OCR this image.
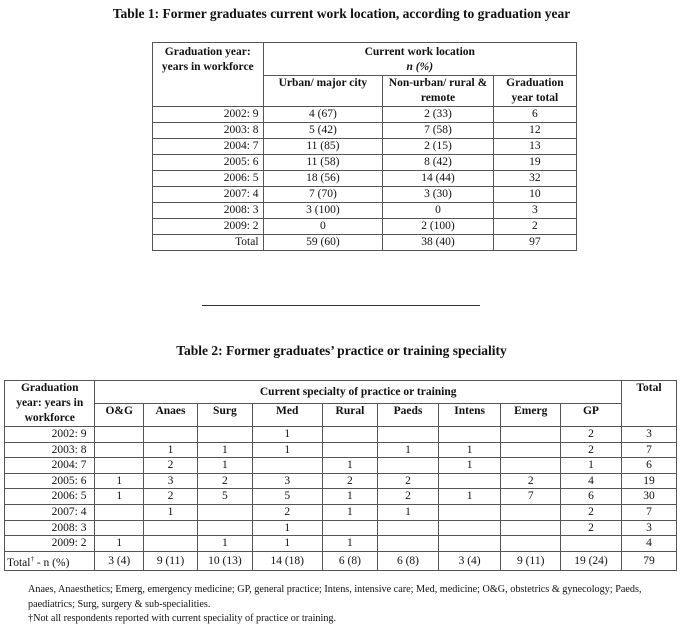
Table 1: Former graduates current work location, according to graduation year
Graduation year: years in workforce	Current work location
n (%)		

	Urban/ major city	Non-urban/ rural & remote	Graduation year total
2002: 9	4 (67)	2 (33)	6
2003: 8	5 (42)	7 (58)	12
2004: 7	11 (85)	2 (15)	13
2005: 6	11 (58)	8 (42)	19
2006: 5	18 (56)	14 (44)	32
2007: 4	7 (70)	3 (30)	10
2008: 3	3 (100)	0	3
2009: 2	0	2 (100)	2
Total	59 (60)	38 (40)	97
Table 2: Former graduates’ practice or training speciality
Graduation year: years in workforce	Current specialty of practice or training									Total
	O&G	Anaes	Surg	Med	Rural	Paeds	Intens	Emerg	GP	
2002: 9				1					2	3
2003: 8		1	1	1		1	1		2	7
2004: 7		2	1		1		1		1	6
2005: 6	1	3	2	3	2	2		2	4	19
2006: 5	1	2	5	5	1	2	1	7	6	30
2007: 4		1		2	1	1			2	7
2008: 3				1					2	3
2009: 2	1		1	1	1					4
Total† - n (%)	3 (4)	9 (11)	10 (13)	14 (18)	6 (8)	6 (8)	3 (4)	9 (11)	19 (24)	79
Anaes, Anaesthetics; Emerg, emergency medicine; GP, general practice; Intens, intensive care; Med, medicine; O&G, obstetrics & gynecology; Paeds, paediatrics; Surg, surgery & sub-specialities.
†Not all respondents reported with current speciality of practice or training.
